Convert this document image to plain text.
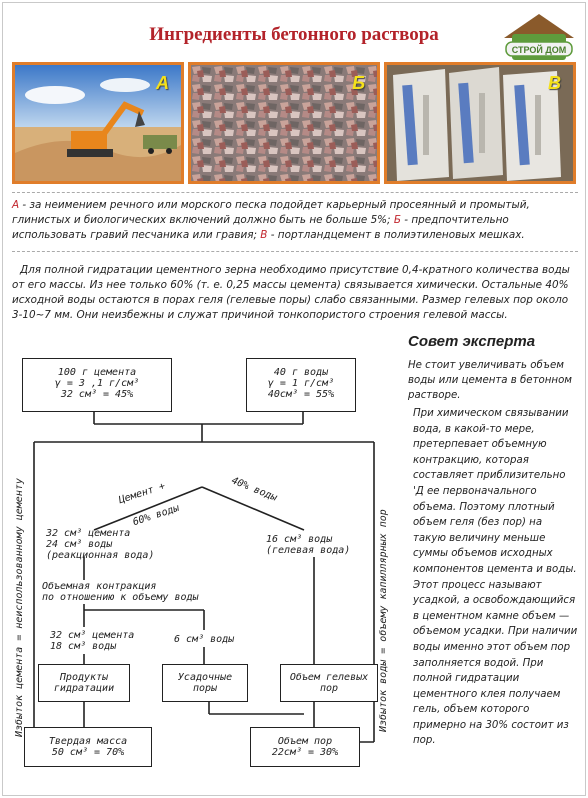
Ингредиенты бетонного раствора
СТРОЙ ДОМ
А	Б	В
А - за неимением речного или морского песка подойдет карьерный просеянный и промытый, глинистых и биологических включений должно быть не больше 5%; Б - предпочтительно использовать гравий песчаника или гравия; В - портландцемент в полиэтиленовых мешках.
Для полной гидратации цементного зерна необходимо присутствие 0,4-кратного количества воды от его массы. Из нее только 60% (т. е. 0,25 массы цемента) связывается химически. Остальные 40% исходной воды остаются в порах геля (гелевые поры) слабо связанными. Размер гелевых пор около 3-10~7 мм. Они неизбежны и служат причиной тонкопористого строения гелевой массы.
Совет эксперта
Не стоит увеличивать объем воды или цемента в бетонном растворе.
При химическом связывании вода, в какой-то мере, претерпевает объемную контракцию, которая составляет приблизительно 'Д ее первоначального объема. Поэтому плотный объем геля (без пор) на такую величину меньше суммы объемов исходных компонентов цемента и воды. Этот процесс называют усадкой, а освобождающийся в цементном камне объем — объемом усадки. При наличии воды именно этот объем пор заполняется водой. При полной гидратации цементного клея получаем гель, объем которого примерно на 30% состоит из пор.
100 г цемента
γ = 3 ,1 г/см³
32 см³ = 45%
40 г воды
γ = 1 г/см³
40см³ = 55%
Цемент +
60% воды
40% воды
32 см³ цемента
24 см³ воды
(реакционная вода)
16 см³ воды
(гелевая вода)
Объемная контракция
по отношению к объему воды
32 см³ цемента
18 см³ воды
6 см³ воды
Продукты
гидратации
Усадочные
поры
Объем гелевых
пор
Твердая масса
50 см³ = 70%
Объем пор
22см³ = 30%
Избыток цемента = неиспользованному цементу	Избыток воды = объему капиллярных пор
